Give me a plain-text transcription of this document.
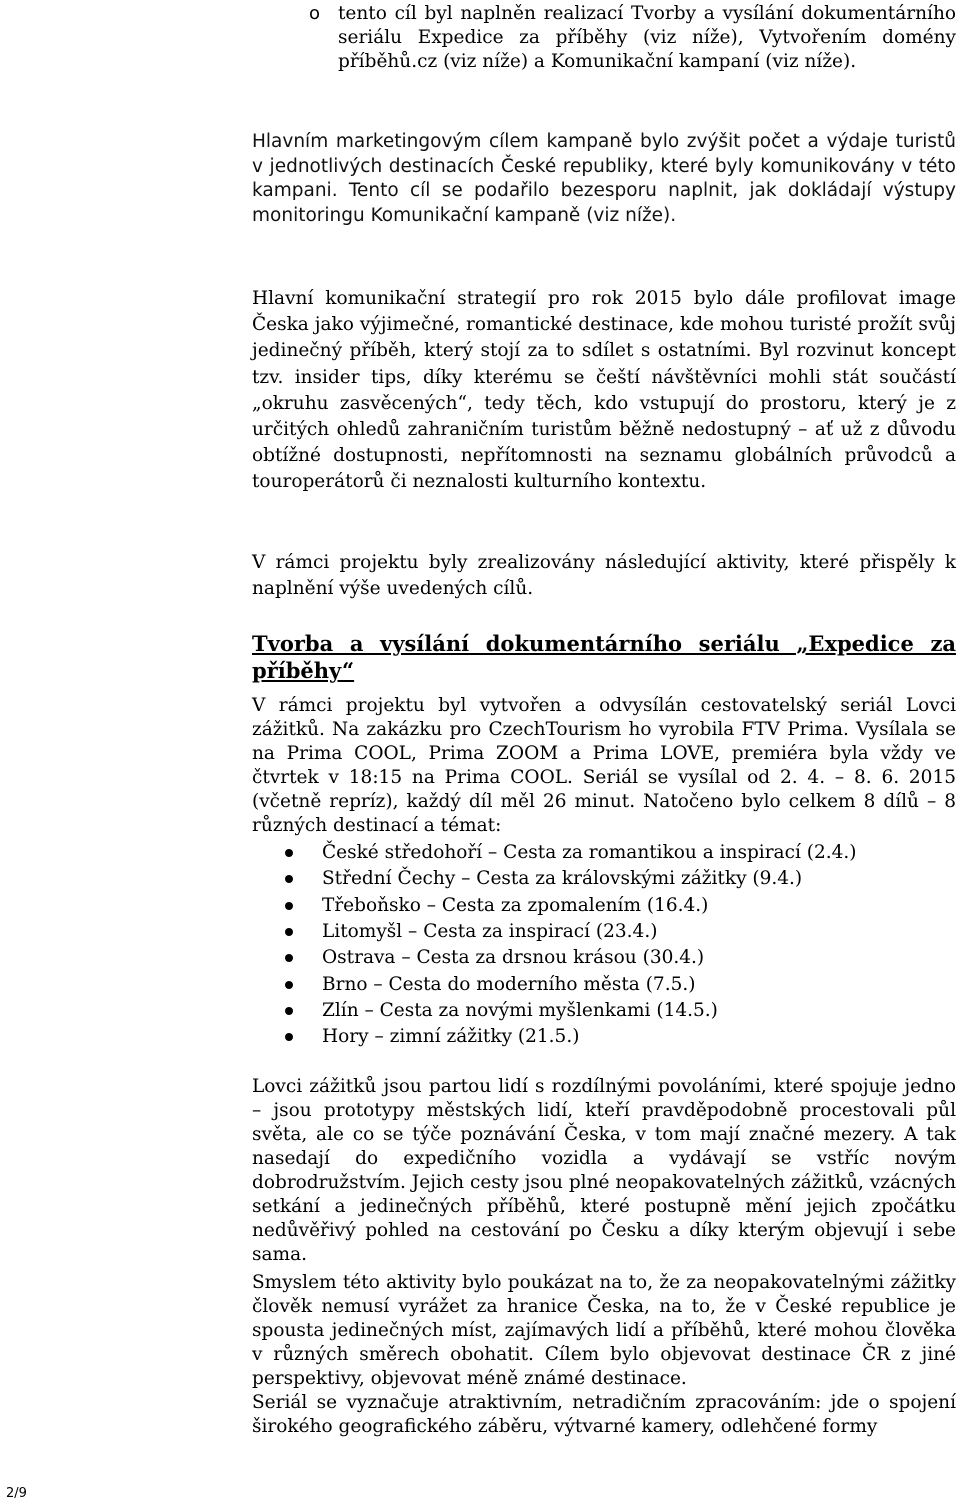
o tento cíl byl naplněn realizací Tvorby a vysílání dokumentárního seriálu Expedice za příběhy (viz níže), Vytvořením domény příběhů.cz (viz níže) a Komunikační kampaní (viz níže).

Hlavním marketingovým cílem kampaně bylo zvýšit počet a výdaje turistů v jednotlivých destinacích České republiky, které byly komunikovány v této kampani. Tento cíl se podařilo bezesporu naplnit, jak dokládají výstupy monitoringu Komunikační kampaně (viz níže).

Hlavní komunikační strategií pro rok 2015 bylo dále profilovat image Česka jako výjimečné, romantické destinace, kde mohou turisté prožít svůj jedinečný příběh, který stojí za to sdílet s ostatními. Byl rozvinut koncept tzv. insider tips, díky kterému se čeští návštěvníci mohli stát součástí „okruhu zasvěcených“, tedy těch, kdo vstupují do prostoru, který je z určitých ohledů zahraničním turistům běžně nedostupný – ať už z důvodu obtížné dostupnosti, nepřítomnosti na seznamu globálních průvodců a touroperátorů či neznalosti kulturního kontextu.

V rámci projektu byly zrealizovány následující aktivity, které přispěly k naplnění výše uvedených cílů.

Tvorba a vysílání dokumentárního seriálu „Expedice za příběhy“

V rámci projektu byl vytvořen a odvysílán cestovatelský seriál Lovci zážitků. Na zakázku pro CzechTourism ho vyrobila FTV Prima. Vysílala se na Prima COOL, Prima ZOOM a Prima LOVE, premiéra byla vždy ve čtvrtek v 18:15 na Prima COOL. Seriál se vysílal od 2. 4. – 8. 6. 2015 (včetně repríz), každý díl měl 26 minut. Natočeno bylo celkem 8 dílů – 8 různých destinací a témat:

České středohoří – Cesta za romantikou a inspirací (2.4.)
Střední Čechy – Cesta za královskými zážitky (9.4.)
Třeboňsko – Cesta za zpomalením (16.4.)
Litomyšl – Cesta za inspirací (23.4.)
Ostrava – Cesta za drsnou krásou (30.4.)
Brno – Cesta do moderního města (7.5.)
Zlín – Cesta za novými myšlenkami (14.5.)
Hory – zimní zážitky (21.5.)

Lovci zážitků jsou partou lidí s rozdílnými povoláními, které spojuje jedno – jsou prototypy městských lidí, kteří pravděpodobně procestovali půl světa, ale co se týče poznávání Česka, v tom mají značné mezery. A tak nasedají do expedičního vozidla a vydávají se vstříc novým dobrodružstvím. Jejich cesty jsou plné neopakovatelných zážitků, vzácných setkání a jedinečných příběhů, které postupně mění jejich zpočátku nedůvěřivý pohled na cestování po Česku a díky kterým objevují i sebe sama.

Smyslem této aktivity bylo poukázat na to, že za neopakovatelnými zážitky člověk nemusí vyrážet za hranice Česka, na to, že v České republice je spousta jedinečných míst, zajímavých lidí a příběhů, které mohou člověka v různých směrech obohatit. Cílem bylo objevovat destinace ČR z jiné perspektivy, objevovat méně známé destinace.

Seriál se vyznačuje atraktivním, netradičním zpracováním: jde o spojení širokého geografického záběru, výtvarné kamery, odlehčené formy

2/9
